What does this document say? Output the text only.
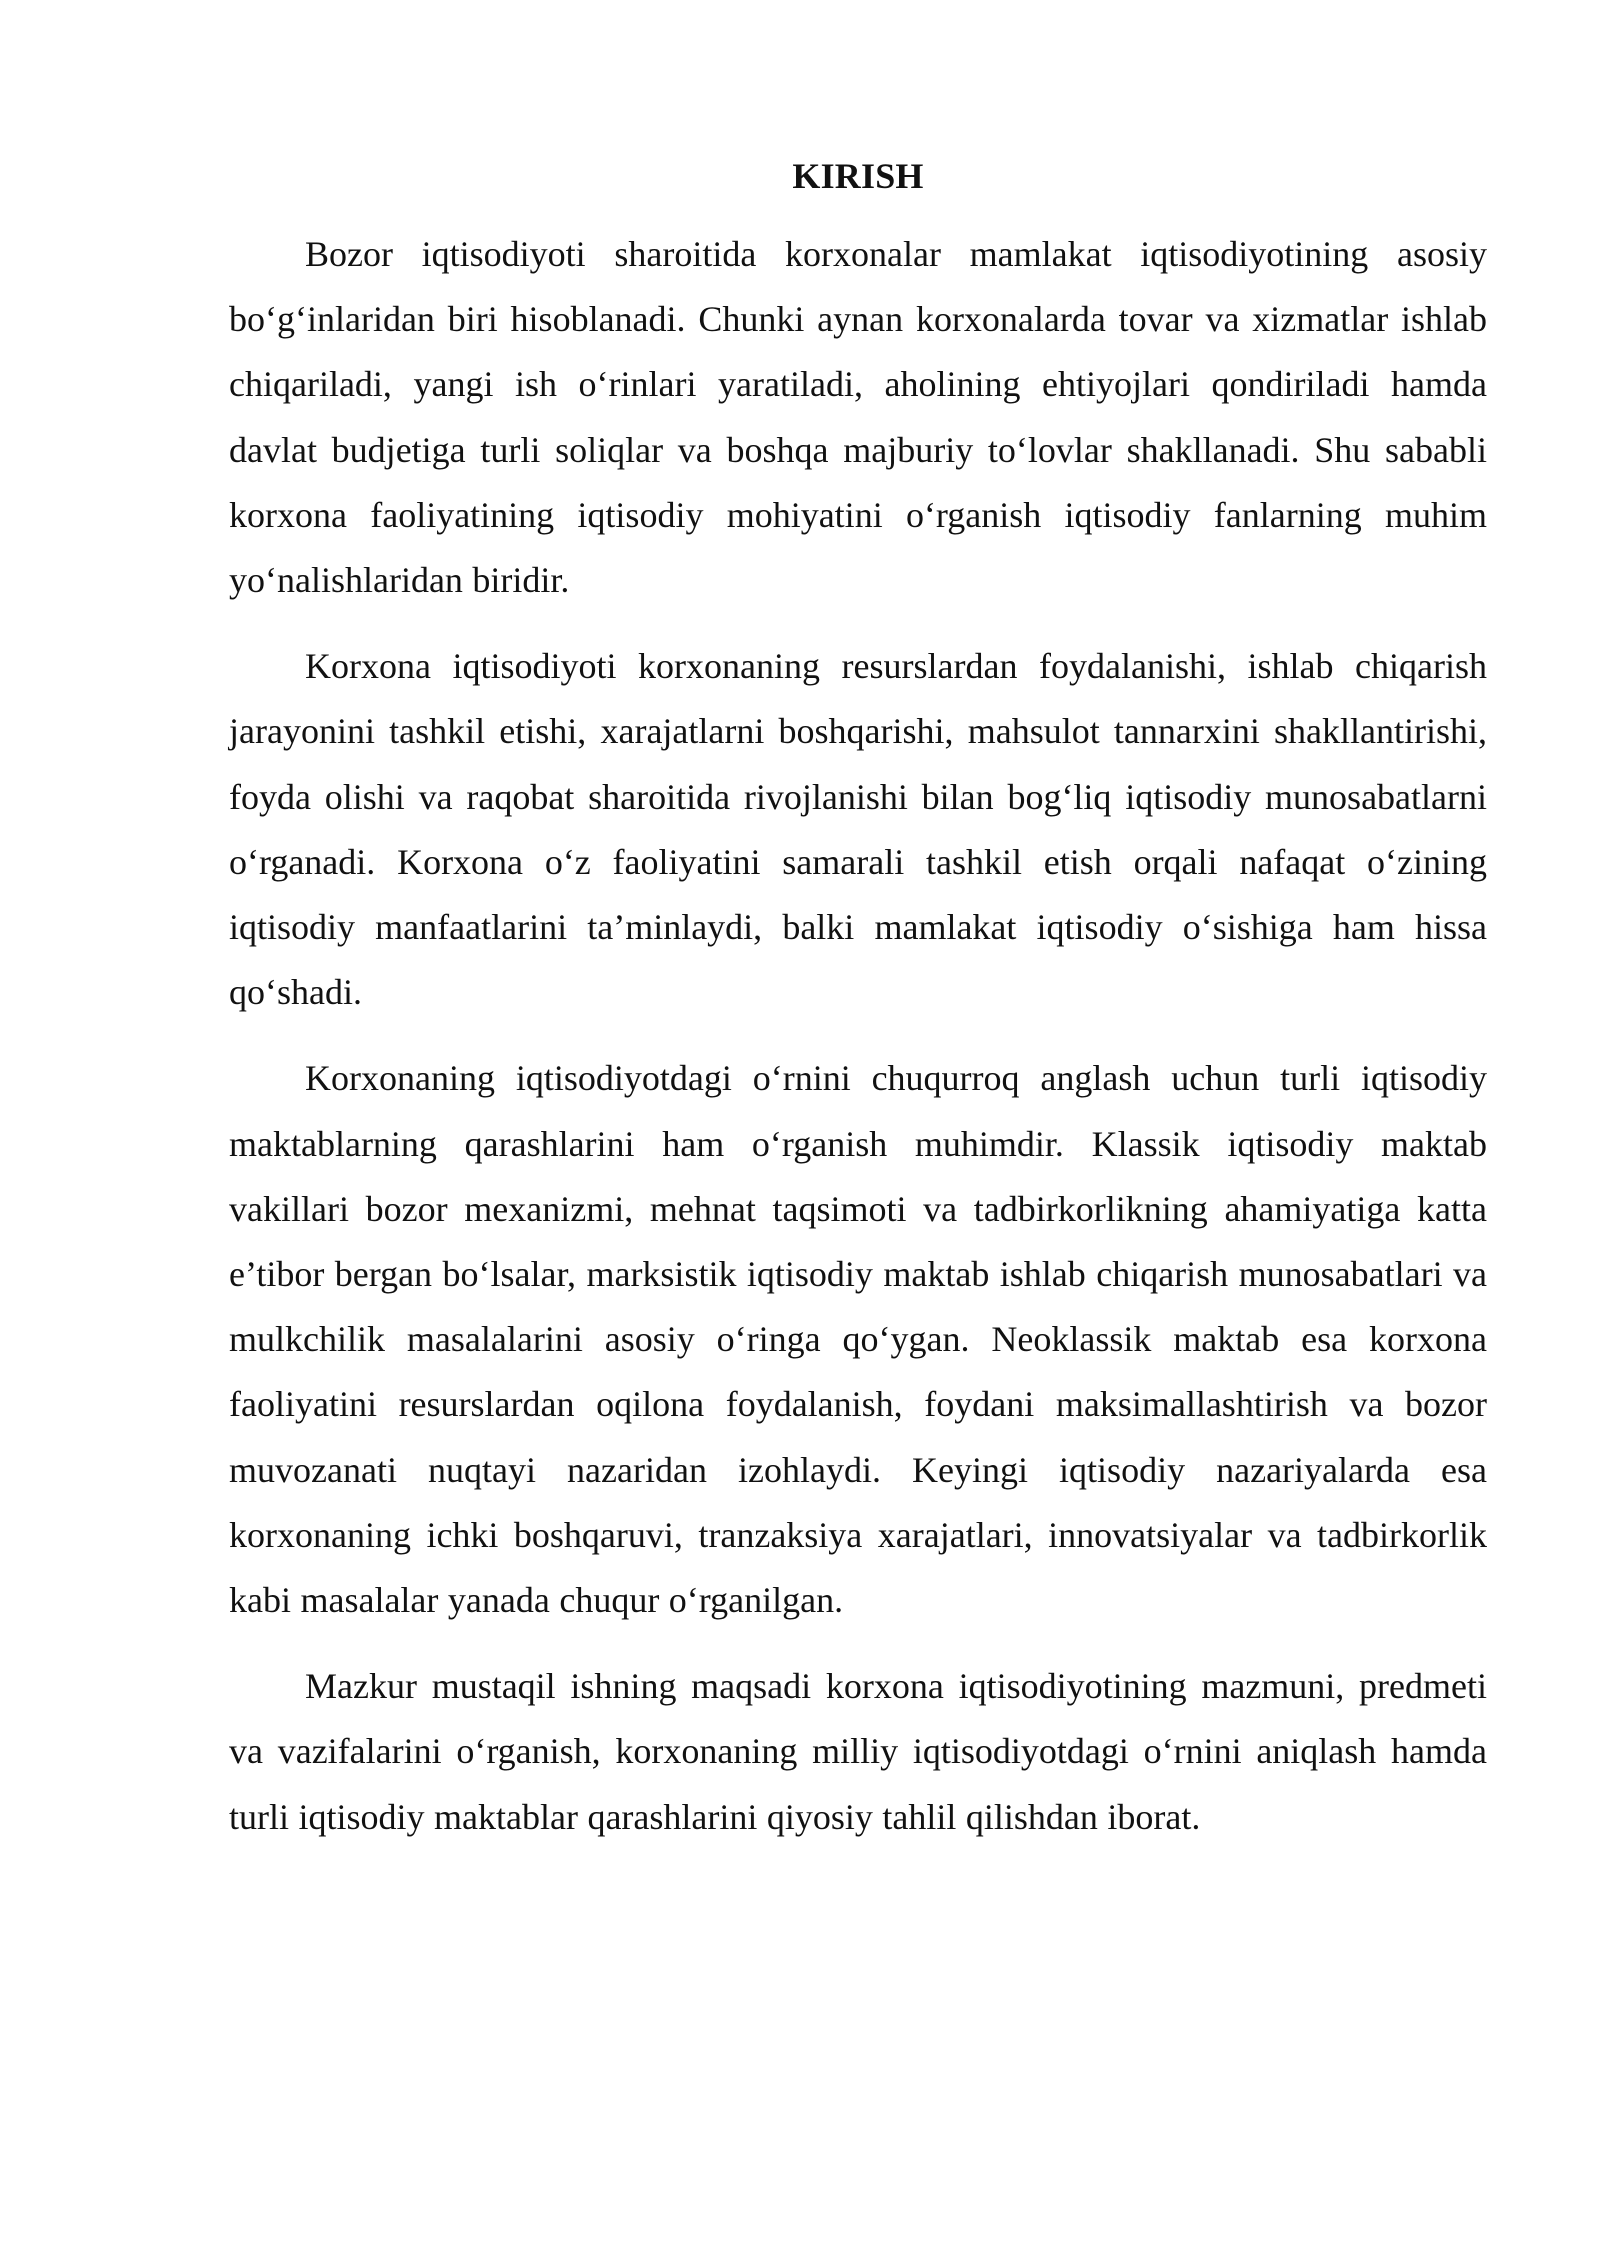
KIRISH

Bozor iqtisodiyoti sharoitida korxonalar mamlakat iqtisodiyotining asosiy bo‘g‘inlaridan biri hisoblanadi. Chunki aynan korxonalarda tovar va xizmatlar ishlab chiqariladi, yangi ish o‘rinlari yaratiladi, aholining ehtiyojlari qondiriladi hamda davlat budjetiga turli soliqlar va boshqa majburiy to‘lovlar shakllanadi. Shu sababli korxona faoliyatining iqtisodiy mohiyatini o‘rganish iqtisodiy fanlarning muhim yo‘nalishlaridan biridir.

Korxona iqtisodiyoti korxonaning resurslardan foydalanishi, ishlab chiqarish jarayonini tashkil etishi, xarajatlarni boshqarishi, mahsulot tannarxini shakllantirishi, foyda olishi va raqobat sharoitida rivojlanishi bilan bog‘liq iqtisodiy munosabatlarni o‘rganadi. Korxona o‘z faoliyatini samarali tashkil etish orqali nafaqat o‘zining iqtisodiy manfaatlarini ta’minlaydi, balki mamlakat iqtisodiy o‘sishiga ham hissa qo‘shadi.

Korxonaning iqtisodiyotdagi o‘rnini chuqurroq anglash uchun turli iqtisodiy maktablarning qarashlarini ham o‘rganish muhimdir. Klassik iqtisodiy maktab vakillari bozor mexanizmi, mehnat taqsimoti va tadbirkorlikning ahamiyatiga katta e’tibor bergan bo‘lsalar, marksistik iqtisodiy maktab ishlab chiqarish munosabatlari va mulkchilik masalalarini asosiy o‘ringa qo‘ygan. Neoklassik maktab esa korxona faoliyatini resurslardan oqilona foydalanish, foydani maksimallashtirish va bozor muvozanati nuqtayi nazaridan izohlaydi. Keyingi iqtisodiy nazariyalarda esa korxonaning ichki boshqaruvi, tranzaksiya xarajatlari, innovatsiyalar va tadbirkorlik kabi masalalar yanada chuqur o‘rganilgan.

Mazkur mustaqil ishning maqsadi korxona iqtisodiyotining mazmuni, predmeti va vazifalarini o‘rganish, korxonaning milliy iqtisodiyotdagi o‘rnini aniqlash hamda turli iqtisodiy maktablar qarashlarini qiyosiy tahlil qilishdan iborat.
